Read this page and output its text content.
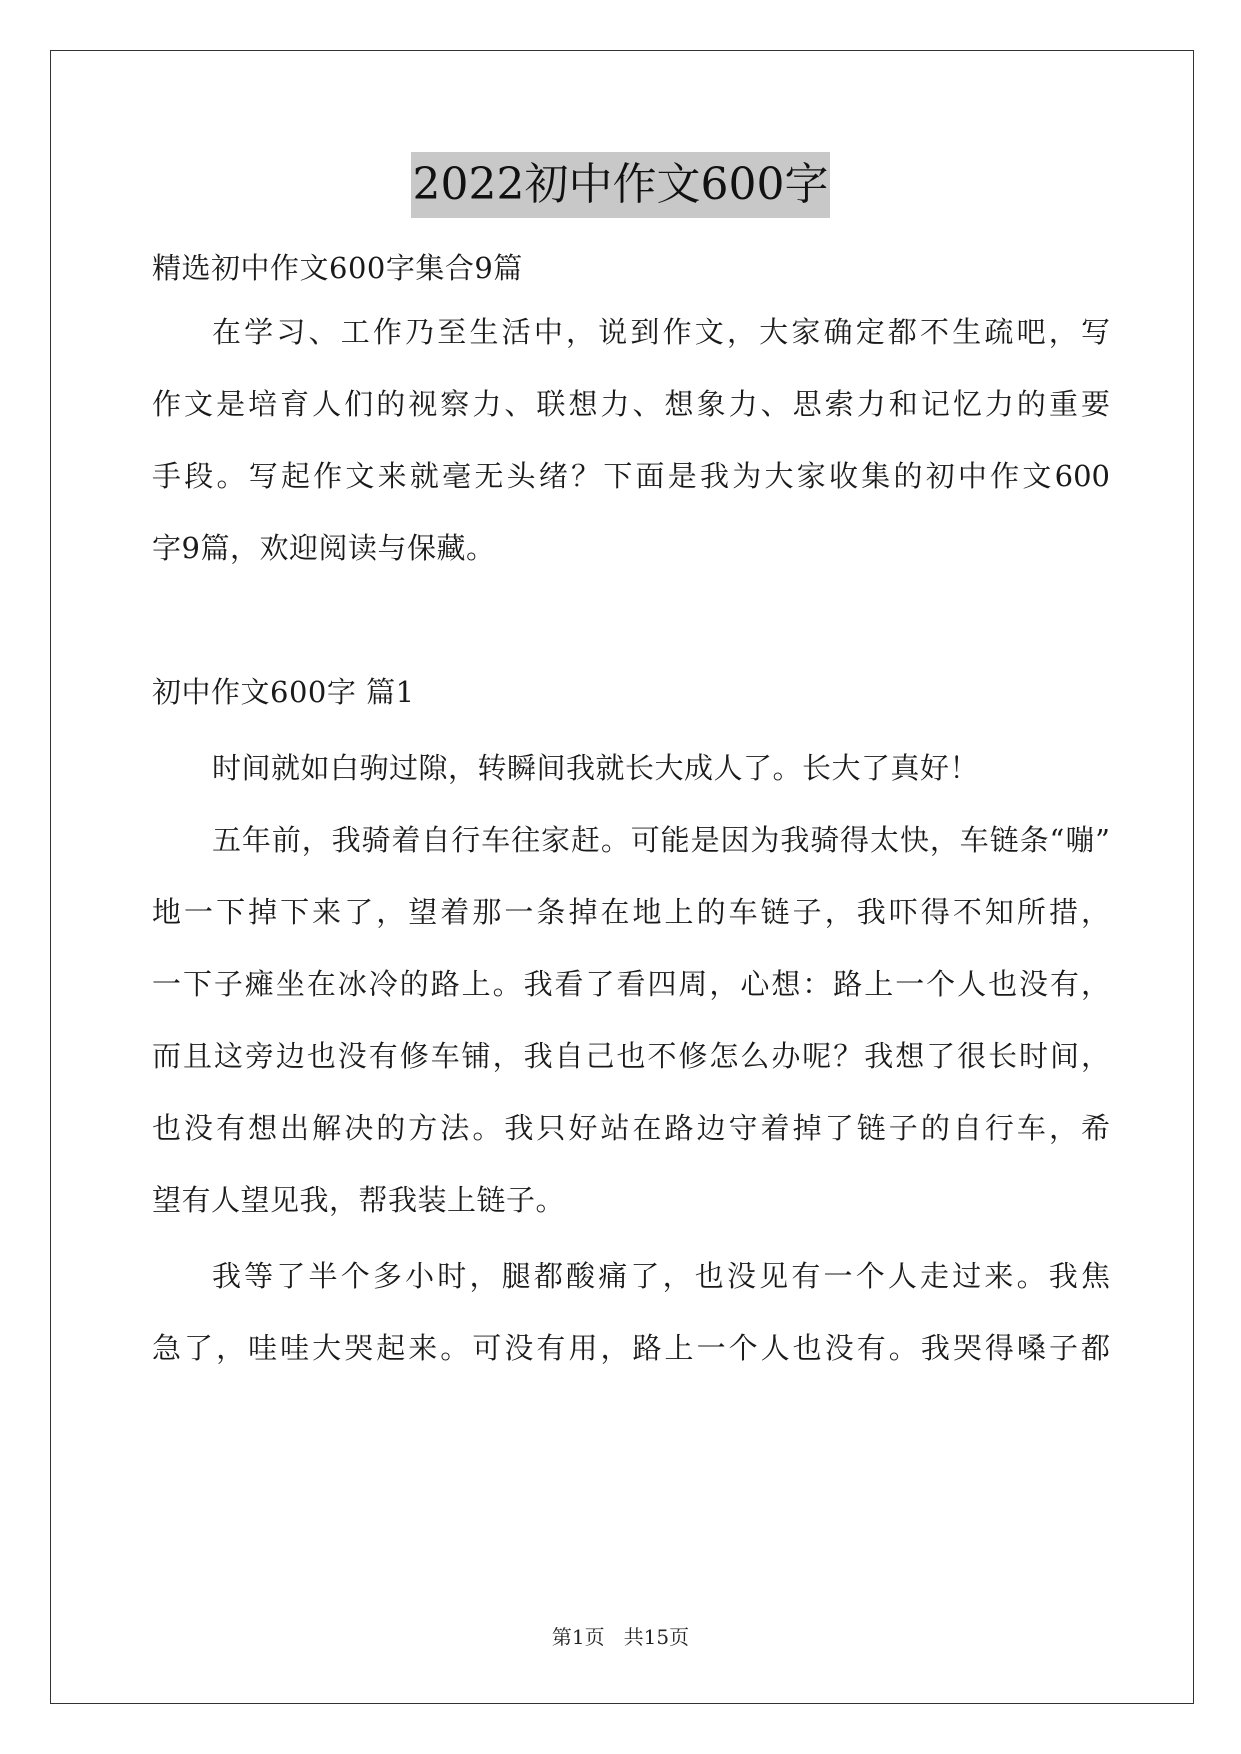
2022初中作文600字
精选初中作文600字集合9篇
在学习、工作乃至生活中，说到作文，大家确定都不生疏吧，写
作文是培育人们的视察力、联想力、想象力、思索力和记忆力的重要
手段。写起作文来就毫无头绪？下面是我为大家收集的初中作文600
字9篇，欢迎阅读与保藏。
初中作文600字 篇1
时间就如白驹过隙，转瞬间我就长大成人了。长大了真好！
五年前，我骑着自行车往家赶。可能是因为我骑得太快，车链条“嘣”
地一下掉下来了，望着那一条掉在地上的车链子，我吓得不知所措，
一下子瘫坐在冰冷的路上。我看了看四周，心想：路上一个人也没有，
而且这旁边也没有修车铺，我自己也不修怎么办呢？我想了很长时间，
也没有想出解决的方法。我只好站在路边守着掉了链子的自行车，希
望有人望见我，帮我装上链子。
我等了半个多小时，腿都酸痛了，也没见有一个人走过来。我焦
急了，哇哇大哭起来。可没有用，路上一个人也没有。我哭得嗓子都
第1页   共15页
